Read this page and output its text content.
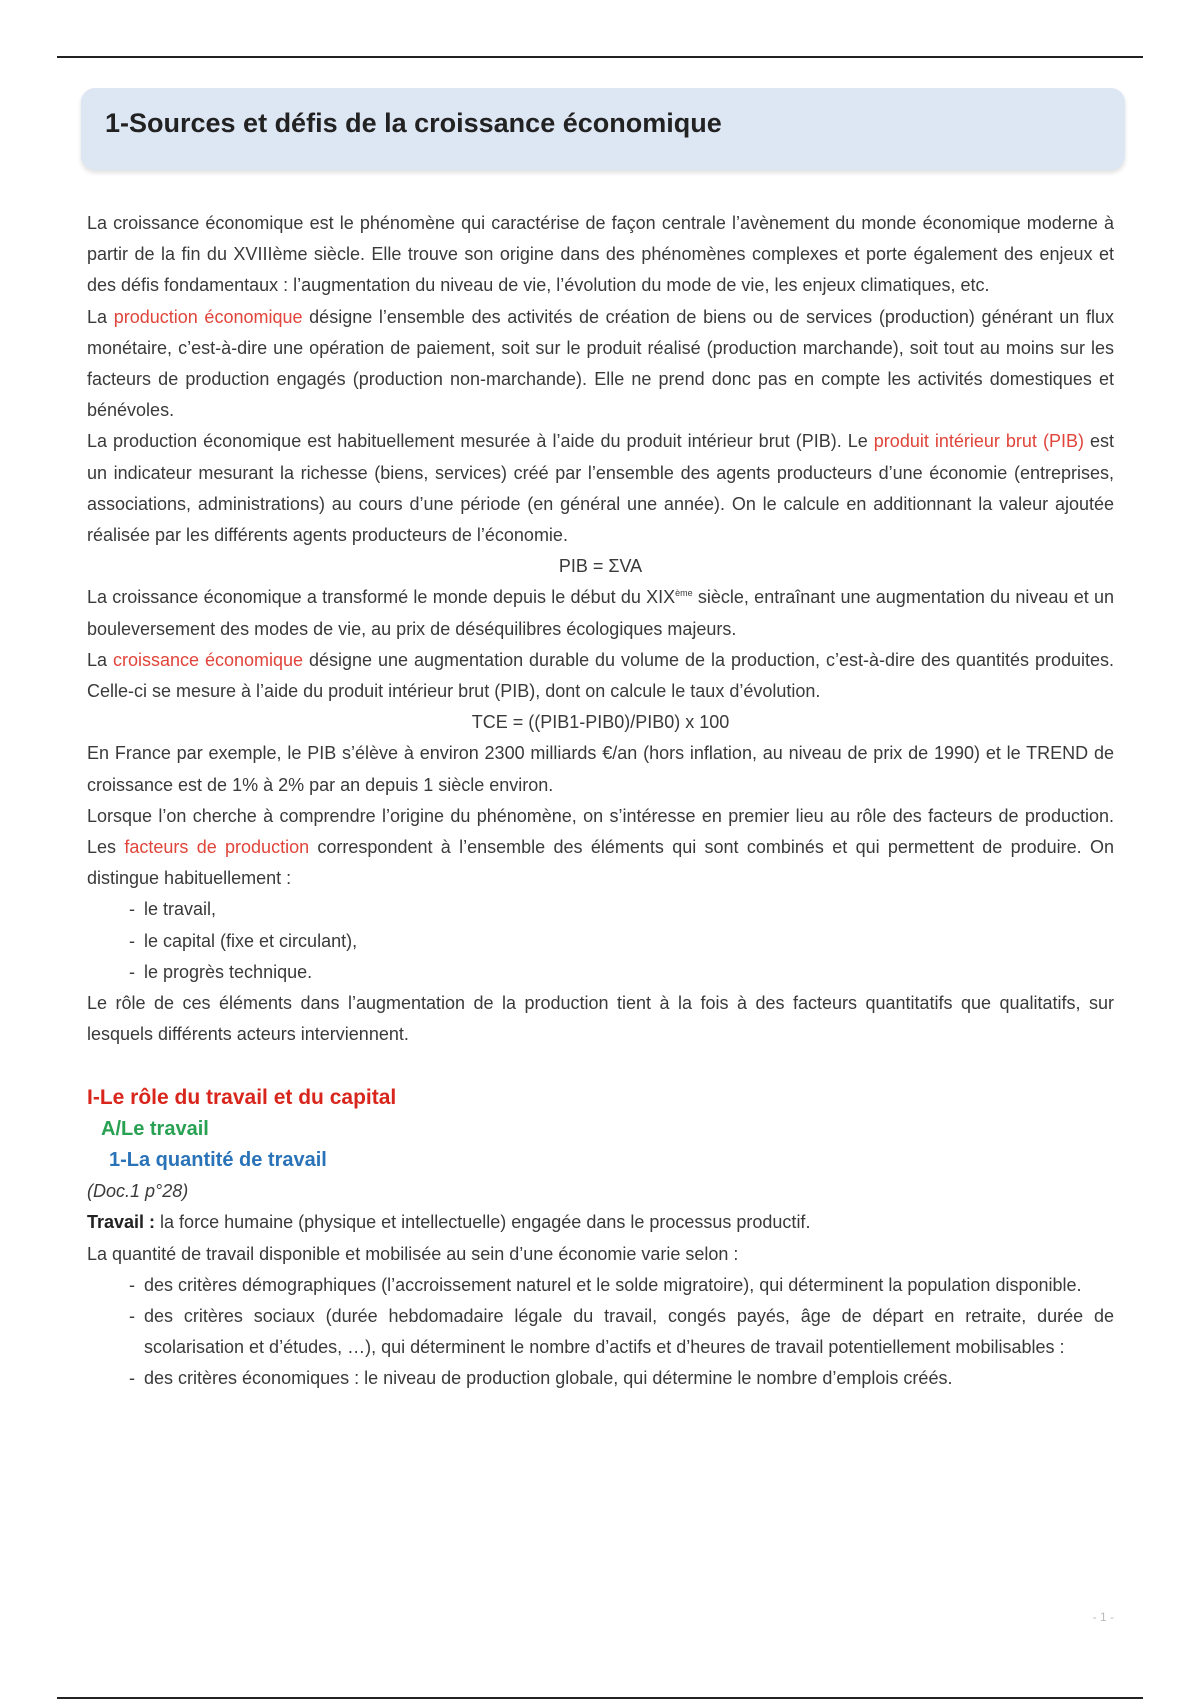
1-Sources et défis de la croissance économique

La croissance économique est le phénomène qui caractérise de façon centrale l’avènement du monde économique moderne à partir de la fin du XVIIIème siècle. Elle trouve son origine dans des phénomènes complexes et porte également des enjeux et des défis fondamentaux : l’augmentation du niveau de vie, l’évolution du mode de vie, les enjeux climatiques, etc.

La production économique désigne l’ensemble des activités de création de biens ou de services (production) générant un flux monétaire, c’est-à-dire une opération de paiement, soit sur le produit réalisé (production marchande), soit tout au moins sur les facteurs de production engagés (production non-marchande). Elle ne prend donc pas en compte les activités domestiques et bénévoles.

La production économique est habituellement mesurée à l’aide du produit intérieur brut (PIB). Le produit intérieur brut (PIB) est un indicateur mesurant la richesse (biens, services) créé par l’ensemble des agents producteurs d’une économie (entreprises, associations, administrations) au cours d’une période (en général une année). On le calcule en additionnant la valeur ajoutée réalisée par les différents agents producteurs de l’économie.

PIB = ΣVA

La croissance économique a transformé le monde depuis le début du XIXème siècle, entraînant une augmentation du niveau et un bouleversement des modes de vie, au prix de déséquilibres écologiques majeurs.

La croissance économique désigne une augmentation durable du volume de la production, c’est-à-dire des quantités produites. Celle-ci se mesure à l’aide du produit intérieur brut (PIB), dont on calcule le taux d’évolution.

TCE = ((PIB1-PIB0)/PIB0) x 100

En France par exemple, le PIB s’élève à environ 2300 milliards €/an (hors inflation, au niveau de prix de 1990) et le TREND de croissance est de 1% à 2% par an depuis 1 siècle environ.

Lorsque l’on cherche à comprendre l’origine du phénomène, on s’intéresse en premier lieu au rôle des facteurs de production. Les facteurs de production correspondent à l’ensemble des éléments qui sont combinés et qui permettent de produire. On distingue habituellement :

- le travail,
- le capital (fixe et circulant),
- le progrès technique.

Le rôle de ces éléments dans l’augmentation de la production tient à la fois à des facteurs quantitatifs que qualitatifs, sur lesquels différents acteurs interviennent.

I-Le rôle du travail et du capital
A/Le travail
1-La quantité de travail

(Doc.1 p°28)

Travail : la force humaine (physique et intellectuelle) engagée dans le processus productif.

La quantité de travail disponible et mobilisée au sein d’une économie varie selon :

- des critères démographiques (l’accroissement naturel et le solde migratoire), qui déterminent la population disponible.
- des critères sociaux (durée hebdomadaire légale du travail, congés payés, âge de départ en retraite, durée de scolarisation et d’études, …), qui déterminent le nombre d’actifs et d’heures de travail potentiellement mobilisables :
- des critères économiques : le niveau de production globale, qui détermine le nombre d’emplois créés.
- 1 -
